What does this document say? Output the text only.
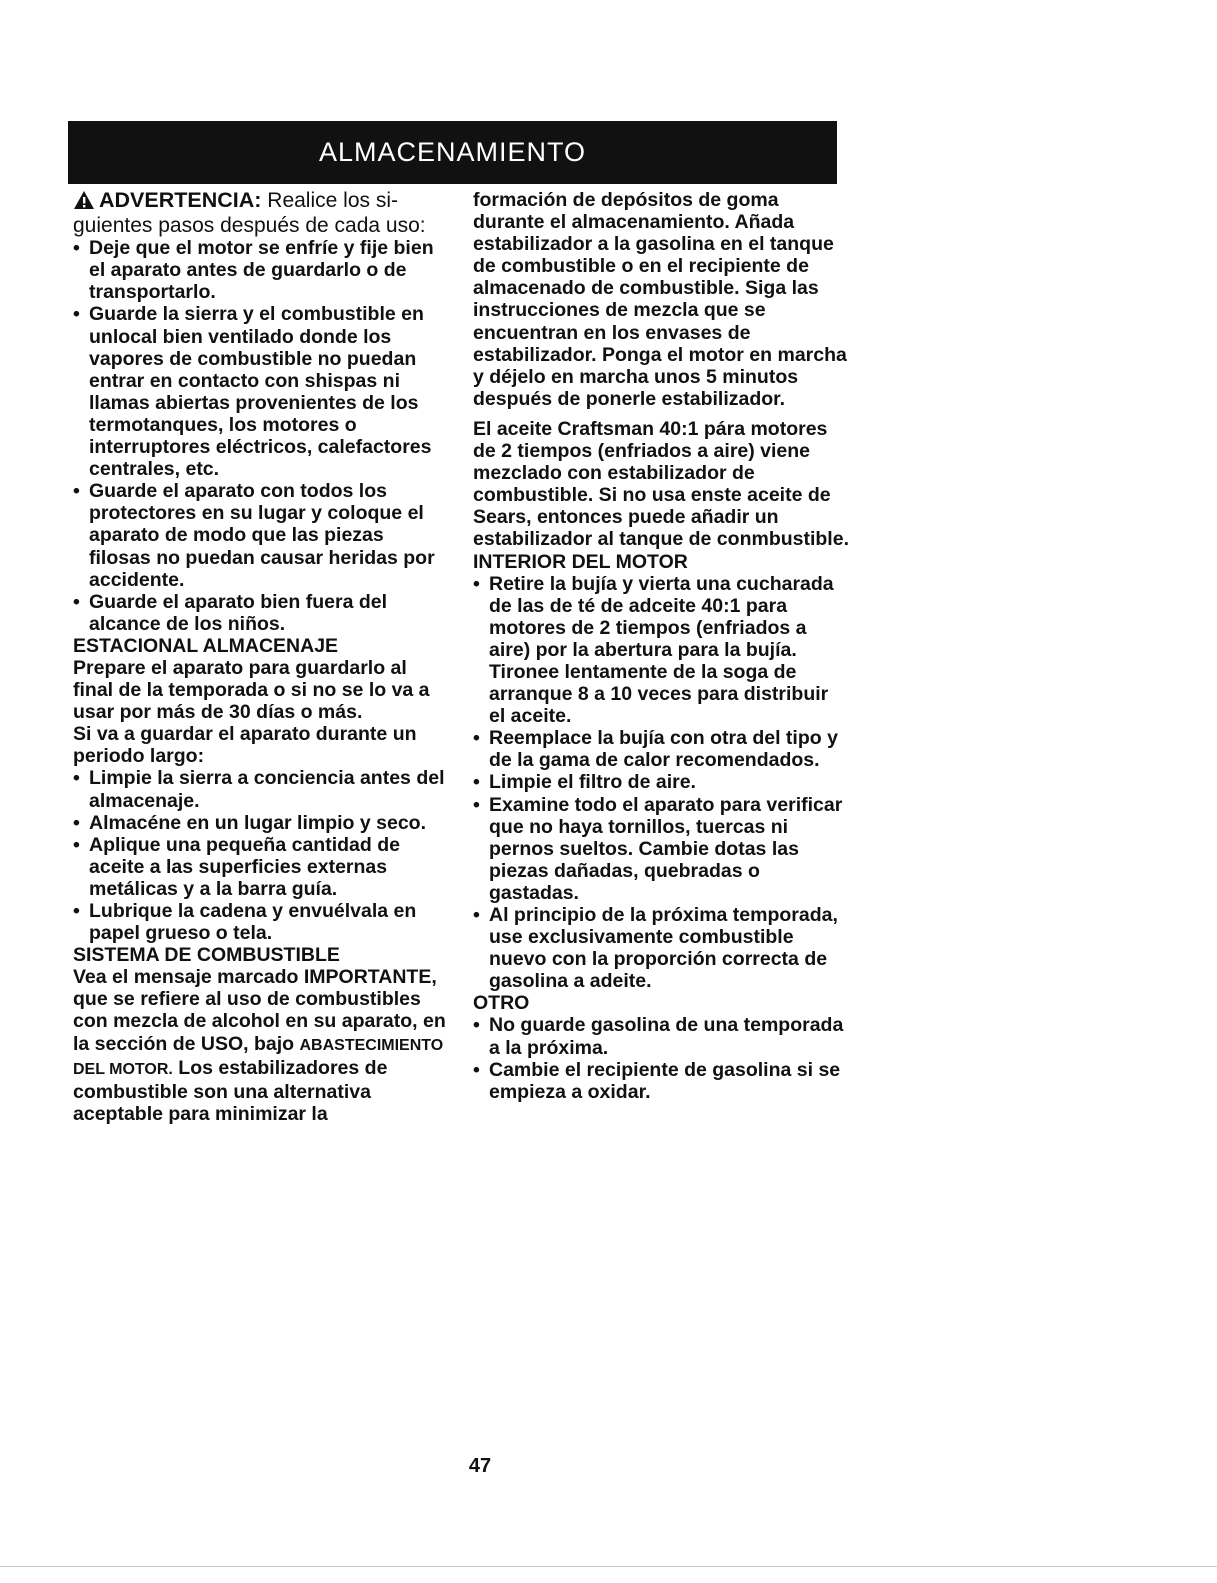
ALMACENAMIENTO

ADVERTENCIA: Realice los si-guientes pasos después de cada uso:

• Deje que el motor se enfríe y fije bien el aparato antes de guardarlo o de transportarlo.
• Guarde la sierra y el combustible en unlocal bien ventilado donde los vapores de combustible no puedan entrar en contacto con shispas ni llamas abiertas provenientes de los termotanques, los motores o interruptores eléctricos, calefactores centrales, etc.
• Guarde el aparato con todos los protectores en su lugar y coloque el aparato de modo que las piezas filosas no puedan causar heridas por accidente.
• Guarde el aparato bien fuera del alcance de los niños.

ESTACIONAL ALMACENAJE

Prepare el aparato para guardarlo al final de la temporada o si no se lo va a usar por más de 30 días o más.

Si va a guardar el aparato durante un periodo largo:

• Limpie la sierra a conciencia antes del almacenaje.
• Almacéne en un lugar limpio y seco.
• Aplique una pequeña cantidad de aceite a las superficies externas metálicas y a la barra guía.
• Lubrique la cadena y envuélvala en papel grueso o tela.

SISTEMA DE COMBUSTIBLE

Vea el mensaje marcado IMPORTANTE, que se refiere al uso de combustibles con mezcla de alcohol en su aparato, en la sección de USO, bajo ABASTECIMIENTO DEL MOTOR. Los estabilizadores de combustible son una alternativa aceptable para minimizar la

formación de depósitos de goma durante el almacenamiento. Añada estabilizador a la gasolina en el tanque de combustible o en el recipiente de almacenado de combustible. Siga las instrucciones de mezcla que se encuentran en los envases de estabilizador. Ponga el motor en marcha y déjelo en marcha unos 5 minutos después de ponerle estabilizador.

El aceite Craftsman 40:1 pára motores de 2 tiempos (enfriados a aire) viene mezclado con estabilizador de combustible. Si no usa enste aceite de Sears, entonces puede añadir un estabilizador al tanque de conmbustible.

INTERIOR DEL MOTOR

• Retire la bujía y vierta una cucharada de las de té de adceite 40:1 para motores de 2 tiempos (enfriados a aire) por la abertura para la bujía. Tironee lentamente de la soga de arranque 8 a 10 veces para distribuir el aceite.
• Reemplace la bujía con otra del tipo y de la gama de calor recomendados.
• Limpie el filtro de aire.
• Examine todo el aparato para verificar que no haya tornillos, tuercas ni pernos sueltos. Cambie dotas las piezas dañadas, quebradas o gastadas.
• Al principio de la próxima temporada, use exclusivamente combustible nuevo con la proporción correcta de gasolina a adeite.

OTRO

• No guarde gasolina de una temporada a la próxima.
• Cambie el recipiente de gasolina si se empieza a oxidar.
47
